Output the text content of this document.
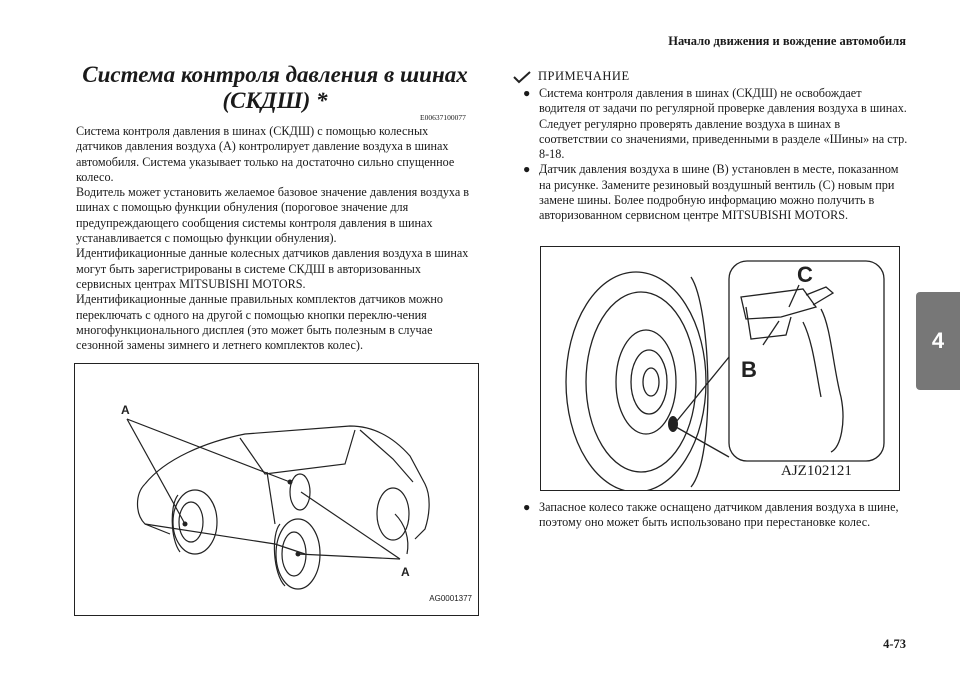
Начало движения и вождение автомобиля
Система контроля давления в шинах
(СКДШ) *
E00637100077

Система контроля давления в шинах (СКДШ) с помощью колесных датчиков давления воздуха (А) контролирует давление воздуха в шинах автомобиля. Система указывает только на достаточно сильно спущенное колесо.

Водитель может установить желаемое базовое значение давления воздуха в шинах с помощью функции обнуления (пороговое значение для предупреждающего сообщения системы контроля давления в шинах устанавливается с помощью функции обнуления).

Идентификационные данные колесных датчиков давления воздуха в шинах могут быть зарегистрированы в системе СКДШ в авторизованных сервисных центрах MITSUBISHI MOTORS.

Идентификационные данные правильных комплектов датчиков можно переключать с одного на другой с помощью кнопки переклю-чения многофункционального дисплея (это может быть полезным в случае сезонной замены зимнего и летнего комплектов колес).

A
A
AG0001377
ПРИМЕЧАНИЕ

● Система контроля давления в шинах (СКДШ) не освобождает водителя от задачи по регулярной проверке давления воздуха в шинах. Следует регулярно проверять давление воздуха в шинах в соответствии со значениями, приведенными в разделе «Шины» на стр. 8-18.

● Датчик давления воздуха в шине (В) установлен в месте, показанном на рисунке. Замените резиновый воздушный вентиль (С) новым при замене шины. Более подробную информацию можно получить в авторизованном сервисном центре MITSUBISHI MOTORS.

C
B
AJZ102121

● Запасное колесо также оснащено датчиком давления воздуха в шине, поэтому оно может быть использовано при перестановке колес.

4
4-73
